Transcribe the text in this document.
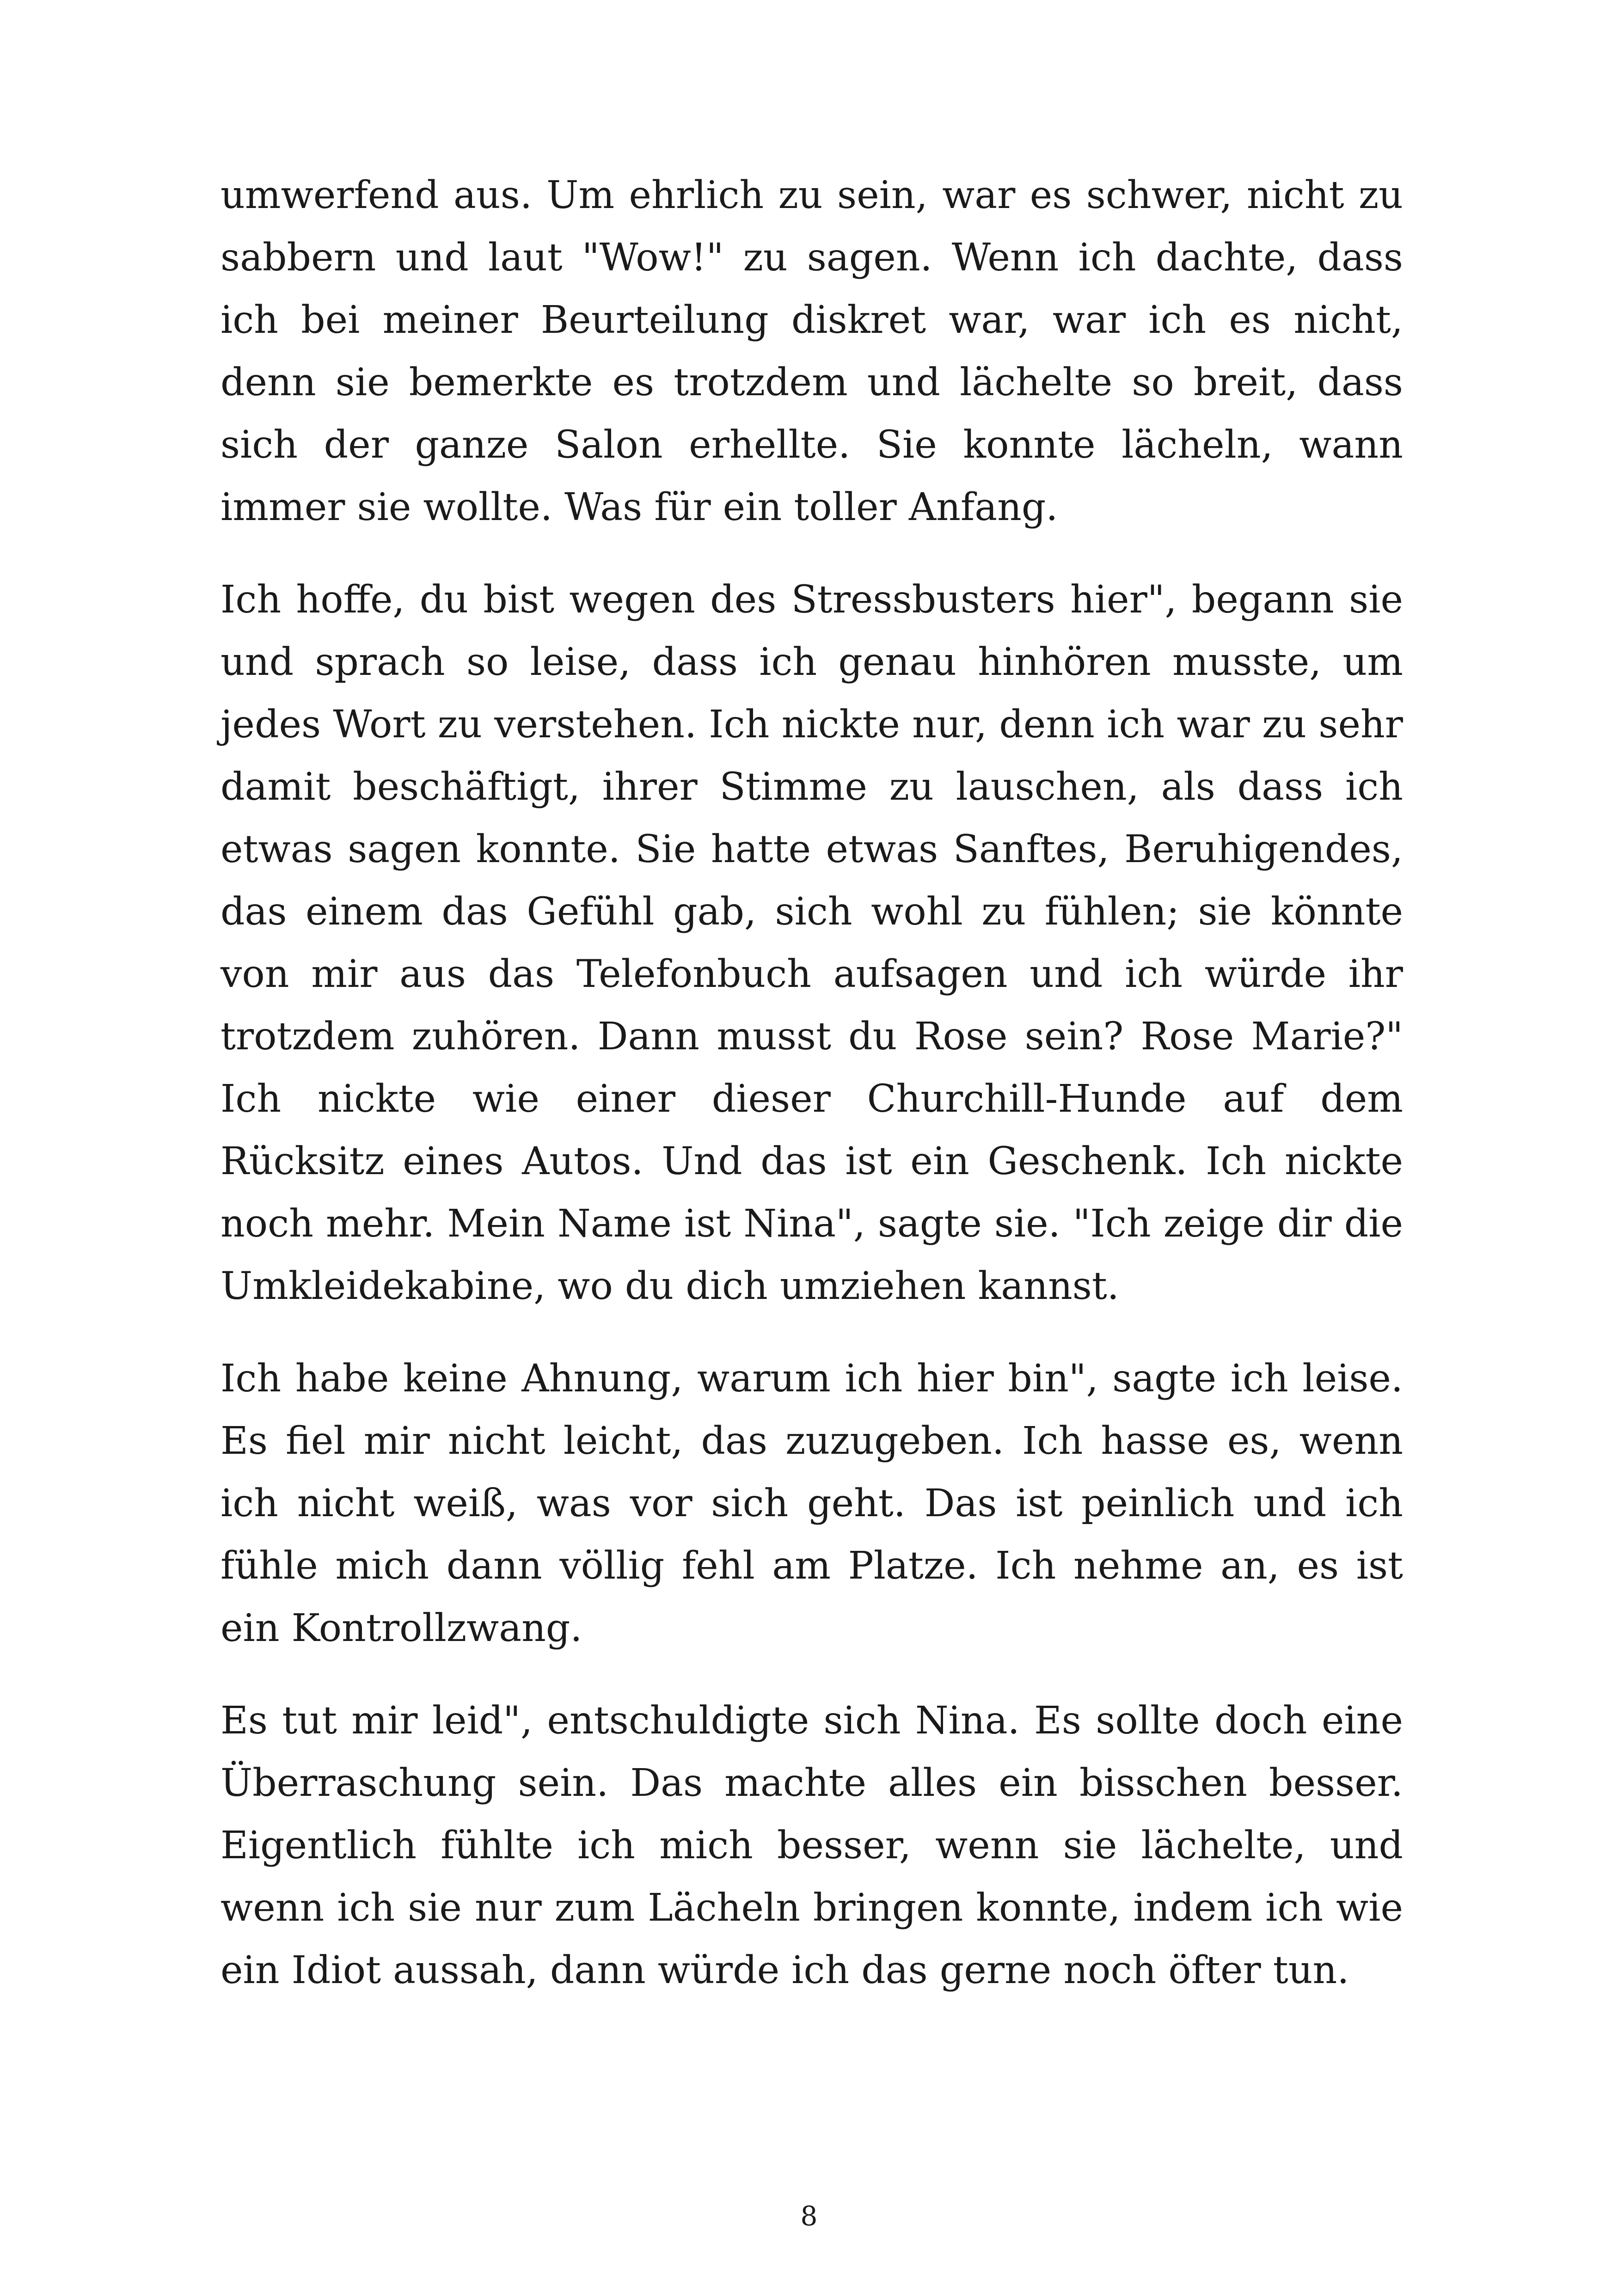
umwerfend aus. Um ehrlich zu sein, war es schwer, nicht zu sabbern und laut "Wow!" zu sagen. Wenn ich dachte, dass ich bei meiner Beurteilung diskret war, war ich es nicht, denn sie bemerkte es trotzdem und lächelte so breit, dass sich der ganze Salon erhellte. Sie konnte lächeln, wann immer sie wollte. Was für ein toller Anfang.

Ich hoffe, du bist wegen des Stressbusters hier", begann sie und sprach so leise, dass ich genau hinhören musste, um jedes Wort zu verstehen. Ich nickte nur, denn ich war zu sehr damit beschäftigt, ihrer Stimme zu lauschen, als dass ich etwas sagen konnte. Sie hatte etwas Sanftes, Beruhigendes, das einem das Gefühl gab, sich wohl zu fühlen; sie könnte von mir aus das Telefonbuch aufsagen und ich würde ihr trotzdem zuhören. Dann musst du Rose sein? Rose Marie?" Ich nickte wie einer dieser Churchill-Hunde auf dem Rücksitz eines Autos. Und das ist ein Geschenk. Ich nickte noch mehr. Mein Name ist Nina", sagte sie. "Ich zeige dir die Umkleidekabine, wo du dich umziehen kannst.

Ich habe keine Ahnung, warum ich hier bin", sagte ich leise. Es fiel mir nicht leicht, das zuzugeben. Ich hasse es, wenn ich nicht weiß, was vor sich geht. Das ist peinlich und ich fühle mich dann völlig fehl am Platze. Ich nehme an, es ist ein Kontrollzwang.

Es tut mir leid", entschuldigte sich Nina. Es sollte doch eine Überraschung sein. Das machte alles ein bisschen besser. Eigentlich fühlte ich mich besser, wenn sie lächelte, und wenn ich sie nur zum Lächeln bringen konnte, indem ich wie ein Idiot aussah, dann würde ich das gerne noch öfter tun.

8
